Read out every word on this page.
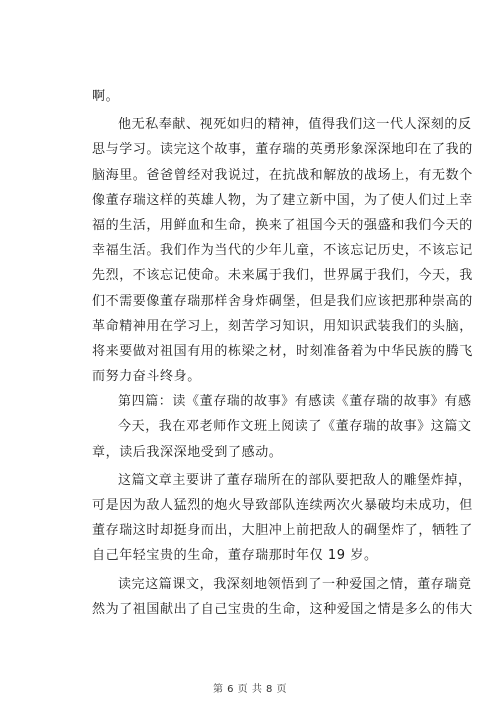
啊。
他无私奉献、视死如归的精神，值得我们这一代人深刻的反
思与学习。读完这个故事，董存瑞的英勇形象深深地印在了我的
脑海里。爸爸曾经对我说过，在抗战和解放的战场上，有无数个
像董存瑞这样的英雄人物，为了建立新中国，为了使人们过上幸
福的生活，用鲜血和生命，换来了祖国今天的强盛和我们今天的
幸福生活。我们作为当代的少年儿童，不该忘记历史，不该忘记
先烈，不该忘记使命。未来属于我们，世界属于我们，今天，我
们不需要像董存瑞那样舍身炸碉堡，但是我们应该把那种崇高的
革命精神用在学习上，刻苦学习知识，用知识武装我们的头脑，
将来要做对祖国有用的栋梁之材，时刻准备着为中华民族的腾飞
而努力奋斗终身。
第四篇：读《董存瑞的故事》有感读《董存瑞的故事》有感
今天，我在邓老师作文班上阅读了《董存瑞的故事》这篇文
章，读后我深深地受到了感动。
这篇文章主要讲了董存瑞所在的部队要把敌人的雕堡炸掉，
可是因为敌人猛烈的炮火导致部队连续两次火暴破均未成功，但
董存瑞这时却挺身而出，大胆冲上前把敌人的碉堡炸了，牺牲了
自己年轻宝贵的生命，董存瑞那时年仅 19 岁。
读完这篇课文，我深刻地领悟到了一种爱国之情，董存瑞竟
然为了祖国献出了自己宝贵的生命，这种爱国之情是多么的伟大
第 6 页 共 8 页
